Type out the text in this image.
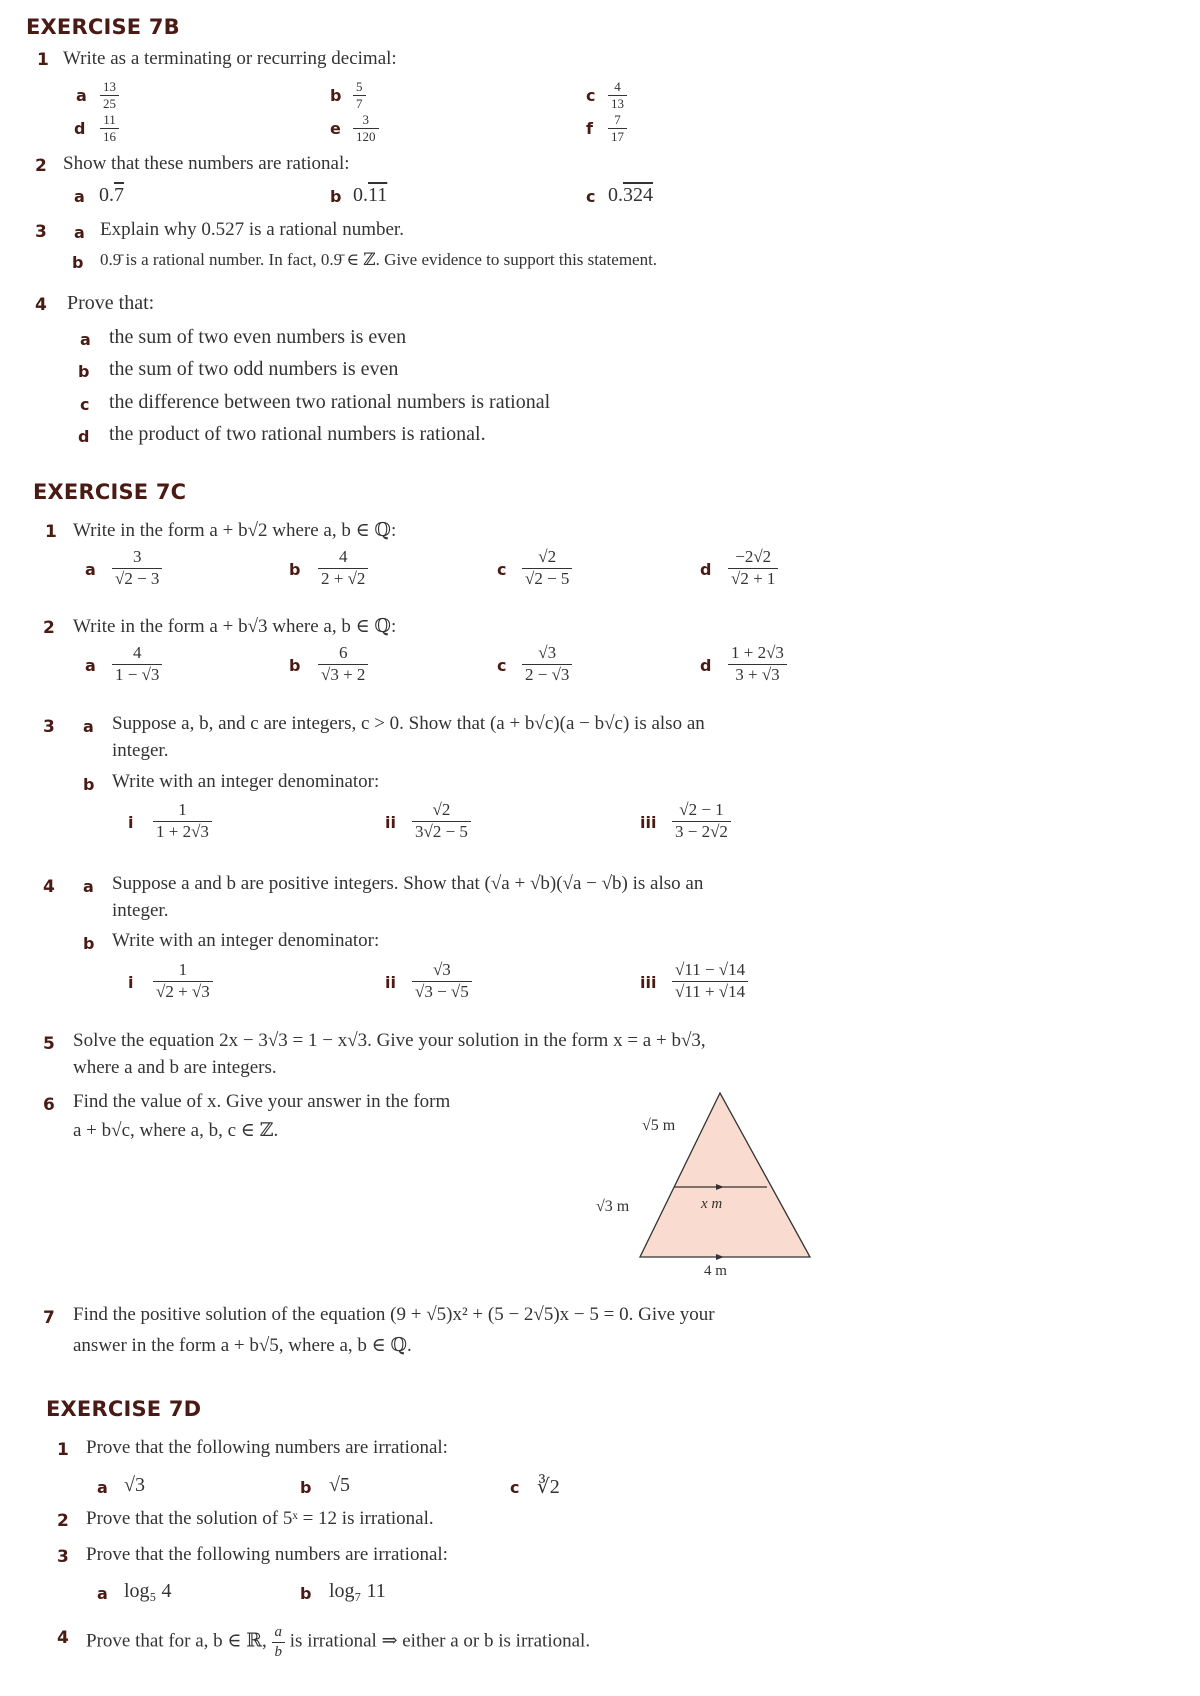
EXERCISE 7B
1 Write as a terminating or recurring decimal:
a $\frac{13}{25}$	b $\frac{5}{7}$	c $\frac{4}{13}$
d $\frac{11}{16}$	e $\frac{3}{120}$	f $\frac{7}{17}$
2 Show that these numbers are rational:
a 0.7	b 0.11	c 0.324
3 a Explain why 0.527 is a rational number.
b 0.9̄ is a rational number. In fact, 0.9̄ ∈ ℤ. Give evidence to support this statement.
4 Prove that:
a the sum of two even numbers is even
b the sum of two odd numbers is even
c the difference between two rational numbers is rational
d the product of two rational numbers is rational.
EXERCISE 7C
1 Write in the form a + b√2 where a, b ∈ ℚ:
a $\frac{3}{√2 - 3}$	b $\frac{4}{2 + √2}$	c $\frac{√2}{√2 - 5}$	d $\frac{-2√2}{√2 + 1}$
2 Write in the form a + b√3 where a, b ∈ ℚ:
a $\frac{4}{1 - √3}$	b $\frac{6}{√3 + 2}$	c $\frac{√3}{2 - √3}$	d $\frac{1 + 2√3}{3 + √3}$
3 a Suppose a, b, and c are integers, c > 0. Show that (a + b√c)(a − b√c) is also an
integer.
b Write with an integer denominator:
i $\frac{1}{1 + 2√3}$	ii $\frac{√2}{3√2 - 5}$	iii $\frac{√2 - 1}{3 - 2√2}$
4 a Suppose a and b are positive integers. Show that (√a + √b)(√a − √b) is also an
integer.
b Write with an integer denominator:
i $\frac{1}{√2 + √3}$	ii $\frac{√3}{√3 - √5}$	iii $\frac{√11 - √14}{√11 + √14}$
5 Solve the equation 2x − 3√3 = 1 − x√3. Give your solution in the form x = a + b√3,
where a and b are integers.
6 Find the value of x. Give your answer in the form
a + b√c, where a, b, c ∈ ℤ.	√5 m
√3 m	x m
4 m
7 Find the positive solution of the equation (9 + √5)x² + (5 − 2√5)x − 5 = 0. Give your
answer in the form a + b√5, where a, b ∈ ℚ.
EXERCISE 7D
1 Prove that the following numbers are irrational:
a √3	b √5	c ∛2
2 Prove that the solution of 5ˣ = 12 is irrational.
3 Prove that the following numbers are irrational:
a log₅ 4	b log₇ 11
4 Prove that for a, b ∈ ℝ, $\frac{a}{b}$ is irrational ⇒ either a or b is irrational.
